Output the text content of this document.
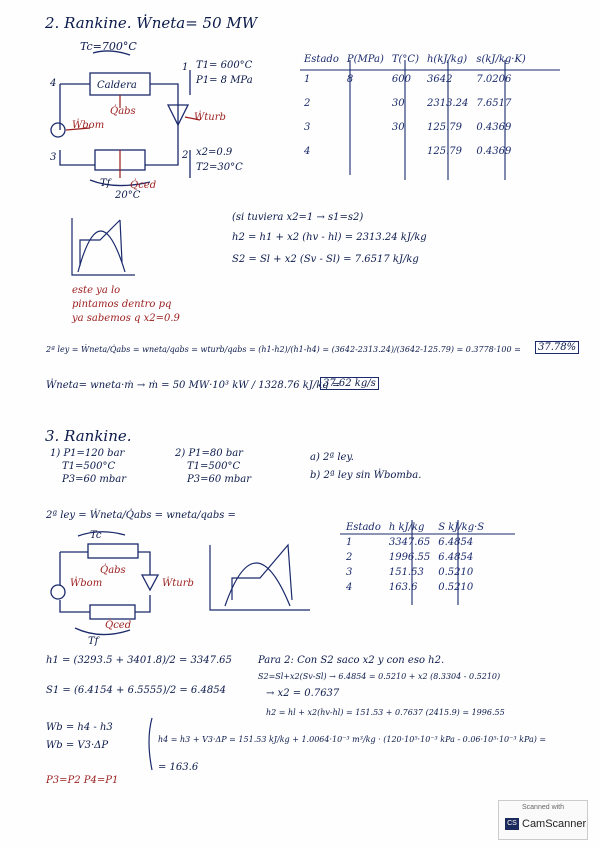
2. Rankine. Ẇneta= 50 MW
Tc=700°C
Caldera
Q̇abs
Ẇbom
Ẇturb
Q̇ced
Tf
20°C
T1= 600°C
P1= 8 MPa
x2=0.9
T2=30°C
4
1
3	2
Estado	P(MPa)	T(°C)	h(kJ/kg)	s(kJ/kg·K)
1	8	600	3642	7.0206
2		30	2313.24	7.6517
3		30	125.79	0.4369
4			125.79	0.4369
(si tuviera x2=1 → s1=s2)
h2 = h1 + x2 (hv - hl) = 2313.24 kJ/kg
S2 = Sl + x2 (Sv - Sl) = 7.6517 kJ/kg
este ya lo
pintamos dentro pq
ya sabemos q x2=0.9
2ª ley = Ẇneta/Q̇abs = wneta/qabs = wturb/qabs = (h1-h2)/(h1-h4) = (3642-2313.24)/(3642-125.79) = 0.3778·100 =	37.78%
Ẇneta= wneta·ṁ → ṁ = 50 MW·10³ kW / 1328.76 kJ/kg =
37.62 kg/s
3. Rankine.
1) P1=120 bar
T1=500°C
P3=60 mbar
2) P1=80 bar
T1=500°C
P3=60 mbar
a) 2ª ley.
b) 2ª ley sin Ẇbomba.
2ª ley = Ẇneta/Q̇abs = wneta/qabs =
Estado	h kJ/kg	S kJ/kg·S
1	3347.65	6.4854
2	1996.55	6.4854
3	151.53	0.5210
4	163.6	0.5210
Tc
Q̇abs
Ẇbom	Ẇturb
Q̇ced
Tf
h1 = (3293.5 + 3401.8)/2 = 3347.65
S1 = (6.4154 + 6.5555)/2 = 6.4854
Para 2: Con S2 saco x2 y con eso h2.
S2=Sl+x2(Sv-Sl) → 6.4854 = 0.5210 + x2 (8.3304 - 0.5210)
→ x2 = 0.7637
h2 = hl + x2(hv-hl) = 151.53 + 0.7637 (2415.9) = 1996.55
Wb = h4 - h3
Wb = V3·ΔP
h4 = h3 + V3·ΔP = 151.53 kJ/kg + 1.0064·10⁻³ m³/kg · (120·10⁵·10⁻³ kPa - 0.06·10⁵·10⁻³ kPa) =
= 163.6
P3=P2 P4=P1
Scanned with
CS CamScanner
